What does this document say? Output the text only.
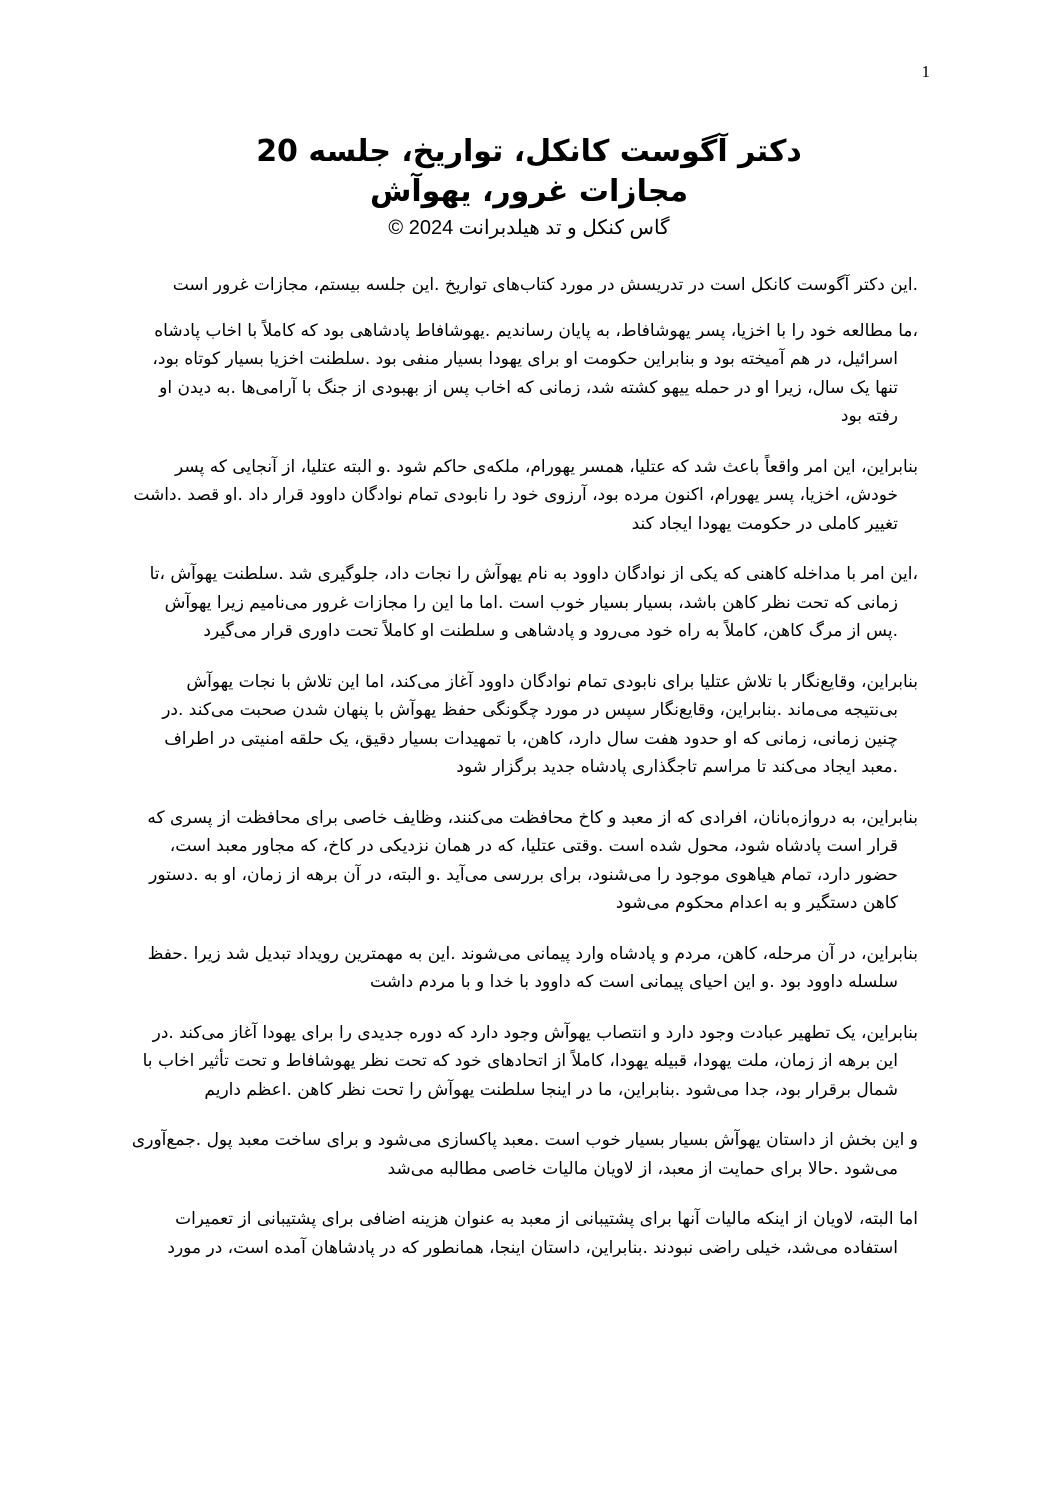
1
دکتر آگوست کانکل، تواریخ، جلسه 20
مجازات غرور، یهوآش
گاس کنکل و تد هیلدبرانت 2024 ©

.این دکتر آگوست کانکل است در تدریسش در مورد کتاب‌های تواریخ .این جلسه بیستم، مجازات غرور است

،ما مطالعه خود را با اخزیا، پسر یهوشافاط، به پایان رساندیم .یهوشافاط پادشاهی بود که کاملاً با اخاب پادشاه اسرائیل، در هم آمیخته بود و بنابراین حکومت او برای یهودا بسیار منفی بود .سلطنت اخزیا بسیار کوتاه بود، تنها یک سال، زیرا او در حمله ییهو کشته شد، زمانی که اخاب پس از بهبودی از جنگ با آرامی‌ها .به دیدن او رفته بود

بنابراین، این امر واقعاً باعث شد که عتلیا، همسر یهورام، ملکه‌ی حاکم شود .و البته عتلیا، از آنجایی که پسر خودش، اخزیا، پسر یهورام، اکنون مرده بود، آرزوی خود را نابودی تمام نوادگان داوود قرار داد .او قصد .داشت تغییر کاملی در حکومت یهودا ایجاد کند

،این امر با مداخله کاهنی که یکی از نوادگان داوود به نام یهوآش را نجات داد، جلوگیری شد .سلطنت یهوآش ،تا زمانی که تحت نظر کاهن باشد، بسیار بسیار خوب است .اما ما این را مجازات غرور می‌نامیم زیرا یهوآش .پس از مرگ کاهن، کاملاً به راه خود می‌رود و پادشاهی و سلطنت او کاملاً تحت داوری قرار می‌گیرد

بنابراین، وقایع‌نگار با تلاش عتلیا برای نابودی تمام نوادگان داوود آغاز می‌کند، اما این تلاش با نجات یهوآش بی‌نتیجه می‌ماند .بنابراین، وقایع‌نگار سپس در مورد چگونگی حفظ یهوآش با پنهان شدن صحبت می‌کند .در چنین زمانی، زمانی که او حدود هفت سال دارد، کاهن، با تمهیدات بسیار دقیق، یک حلقه امنیتی در اطراف .معبد ایجاد می‌کند تا مراسم تاجگذاری پادشاه جدید برگزار شود

بنابراین، به دروازه‌بانان، افرادی که از معبد و کاخ محافظت می‌کنند، وظایف خاصی برای محافظت از پسری که قرار است پادشاه شود، محول شده است .وقتی عتلیا، که در همان نزدیکی در کاخ، که مجاور معبد است، حضور دارد، تمام هیاهوی موجود را می‌شنود، برای بررسی می‌آید .و البته، در آن برهه از زمان، او به .دستور کاهن دستگیر و به اعدام محکوم می‌شود

بنابراین، در آن مرحله، کاهن، مردم و پادشاه وارد پیمانی می‌شوند .این به مهمترین رویداد تبدیل شد زیرا .حفظ سلسله داوود بود .و این احیای پیمانی است که داوود با خدا و با مردم داشت

بنابراین، یک تطهیر عبادت وجود دارد و انتصاب یهوآش وجود دارد که دوره جدیدی را برای یهودا آغاز می‌کند .در این برهه از زمان، ملت یهودا، قبیله یهودا، کاملاً از اتحادهای خود که تحت نظر یهوشافاط و تحت تأثیر اخاب با شمال برقرار بود، جدا می‌شود .بنابراین، ما در اینجا سلطنت یهوآش را تحت نظر کاهن .اعظم داریم

و این بخش از داستان یهوآش بسیار بسیار خوب است .معبد پاکسازی می‌شود و برای ساخت معبد پول .جمع‌آوری می‌شود .حالا برای حمایت از معبد، از لاویان مالیات خاصی مطالبه می‌شد

اما البته، لاویان از اینکه مالیات آنها برای پشتیبانی از معبد به عنوان هزینه اضافی برای پشتیبانی از تعمیرات استفاده می‌شد، خیلی راضی نبودند .بنابراین، داستان اینجا، همانطور که در پادشاهان آمده است، در مورد
